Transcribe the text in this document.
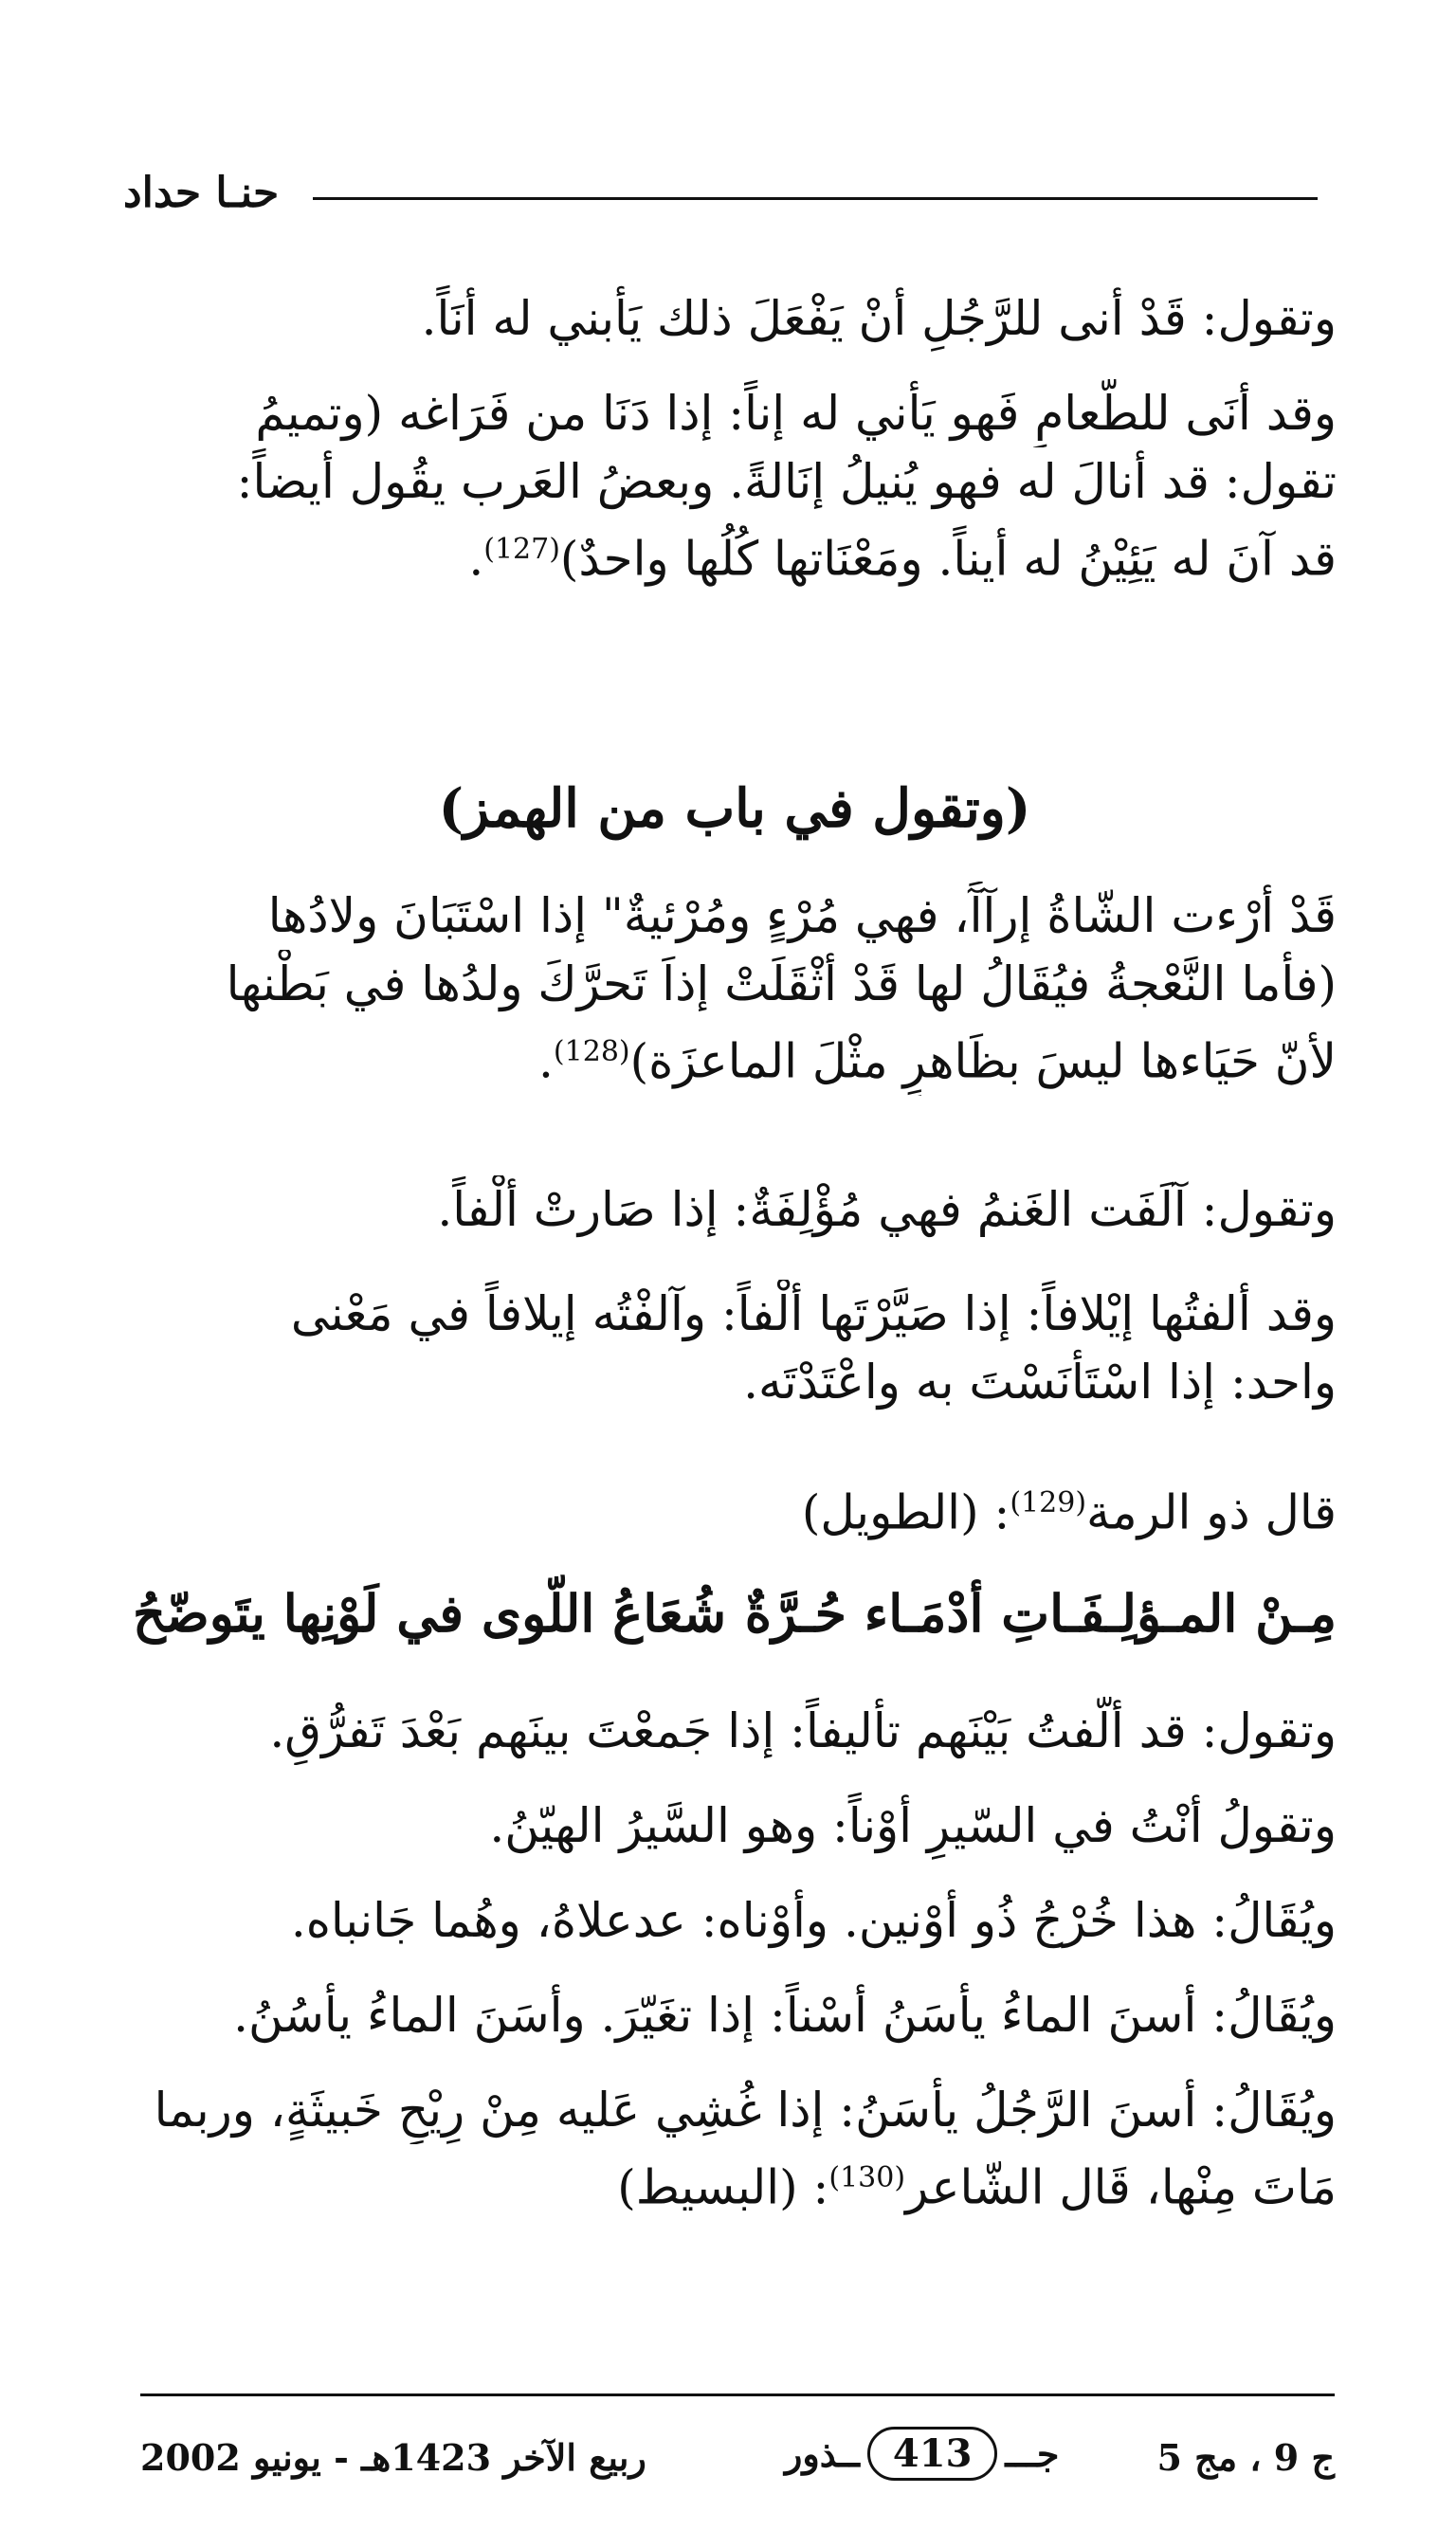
حنـا حداد
وتقول: قَدْ أنى للرَّجُلِ أنْ يَفْعَلَ ذلك يَأبني له أنَاً.
وقد أنَى للطَّعامِ فَهو يَأني له إناً: إذا دَنَا من فَرَاغه (وتميمُ
تقول: قد أنالَ له فهو يُنيلُ إنَالةً. وبعضُ العَرب يقُول أيضاً:
قد آنَ له يَئِيْنُ له أيناً. ومَعْنَاتها كُلُها واحدٌ)$^{(127)}$.
(وتقول في باب من الهمز)
قَدْ أرْءت الشّاةُ إرآآً، فهي مُرْءٍ ومُرْئيةٌ" إذا اسْتَبَانَ ولادُها
(فأما النَّعْجةُ فيُقَالُ لها قَدْ أثْقَلَتْ إذاَ تَحرَّكَ ولدُها في بَطْنها
لأنّ حَيَاءها ليسَ بظَاهرٍ مثْلَ الماعزَة)$^{(128)}$.
وتقول: آلَفَت الغَنمُ فهي مُؤْلِفَةٌ: إذا صَارتْ ألْفاً.
وقد ألفتُها إيْلافاً: إذا صَيَّرْتَها ألْفاً: وآلفْتُه إيلافاً في مَعْنى
واحد: إذا اسْتَأنَسْتَ به واعْتَدْتَه.
قال ذو الرمة$^{(129)}$: (الطويل)
مِـنْ المـؤلِـفَـاتِ أدْمَـاء حُـرَّةٌ
شُعَاعُ اللّوى في لَوْنِها يتَوضّحُ
وتقول: قد ألّفتُ بَيْنَهم تأليفاً: إذا جَمعْتَ بينَهم بَعْدَ تَفرُّقٍ.
وتقولُ أنْتُ في السّيرِ أوْناً: وهو السَّيرُ الهيّنُ.
ويُقَالُ: هذا خُرْجُ ذُو أوْنين. وأوْناه: عدعلاهُ، وهُما جَانباه.
ويُقَالُ: أسنَ الماءُ يأسَنُ أسْناً: إذا تغَيّرَ. وأسَنَ الماءُ يأسُنُ.
ويُقَالُ: أسنَ الرَّجُلُ يأسَنُ: إذا غُشِي عَليه مِنْ رِيْحٍ خَبيثَةٍ، وربما
مَاتَ مِنْها، قَال الشّاعر$^{(130)}$: (البسيط)
ربيع الآخر 1423هـ - يونيو 2002	جـــ
413
ــذور	ج 9 ، مج 5
